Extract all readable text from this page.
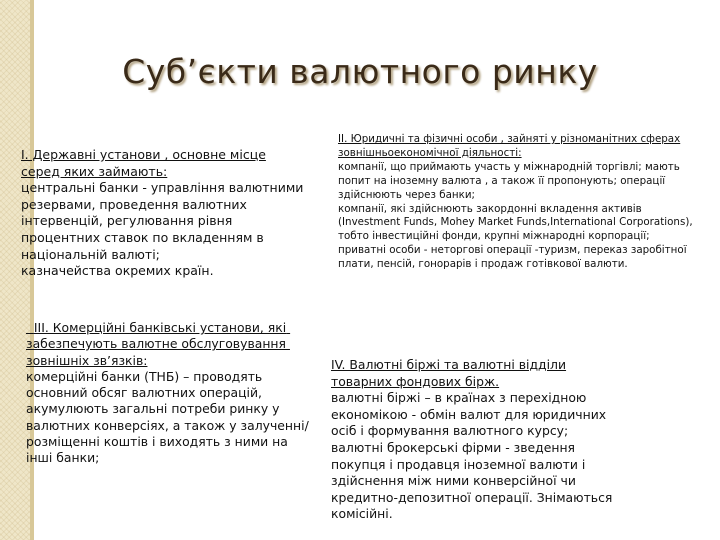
Суб’єкти валютного ринку
І. Державні установи , основне місце серед яких займають:
центральні банки - управління валютними резервами, проведення валютних інтервенцій, регулювання рівня процентних ставок по вкладенням в національній валюті;
казначейства окремих країн.
ІІ. Юридичні та фізичні особи , зайняті у різноманітних сферах зовнішньоекономічної діяльності:
компанії, що приймають участь у міжнародній торгівлі; мають попит на іноземну валюта , а також її пропонують; операції здійснюють через банки;
компанії, які здійснюють закордонні вкладення активів (Investment Funds, Mohey Market Funds,International Corporations), тобто інвестиційні фонди, крупні міжнародні корпорації;
приватні особи - неторгові операції -туризм, переказ заробітної плати, пенсій, гонорарів і продаж готівкової валюти.
ІІІ. Комерційні банківські установи, які забезпечують валютне обслуговування зовнішніх зв’язків:
комерційні банки (ТНБ) – проводять основний обсяг валютних операцій, акумулюють загальні потреби ринку у валютних конверсіях, а також у залученні/розміщенні коштів і виходять з ними на інші банки;
ІV. Валютні біржі та валютні відділи товарних фондових бірж.
валютні біржі – в країнах з перехідною економікою - обмін валют для юридичних осіб і формування валютного курсу;
валютні брокерські фірми - зведення покупця і продавця іноземної валюти і здійснення між ними конверсійної чи кредитно-депозитної операції. Знімаються комісійні.
